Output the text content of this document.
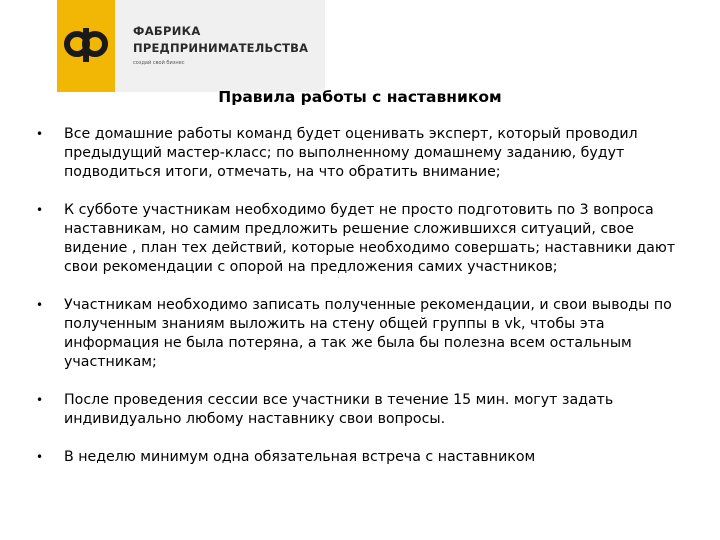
ФАБРИКА
ПРЕДПРИНИМАТЕЛЬСТВА
создай свой бизнес
Правила работы с наставником
•	Все домашние работы команд будет оценивать эксперт, который проводил предыдущий мастер-класс; по выполненному домашнему заданию, будут подводиться итоги, отмечать, на что обратить внимание;
•	К субботе участникам необходимо будет не просто подготовить по 3 вопроса наставникам, но самим предложить решение сложившихся ситуаций, свое видение , план тех действий, которые необходимо совершать; наставники дают свои рекомендации с опорой на предложения самих участников;
•	Участникам необходимо записать полученные рекомендации, и свои выводы по полученным знаниям выложить на стену общей группы в vk, чтобы эта информация не была потеряна, а так же была бы полезна всем остальным участникам;
•	После проведения сессии все участники в течение 15 мин. могут задать индивидуально любому наставнику свои вопросы.
•	В неделю минимум одна обязательная встреча с наставником
